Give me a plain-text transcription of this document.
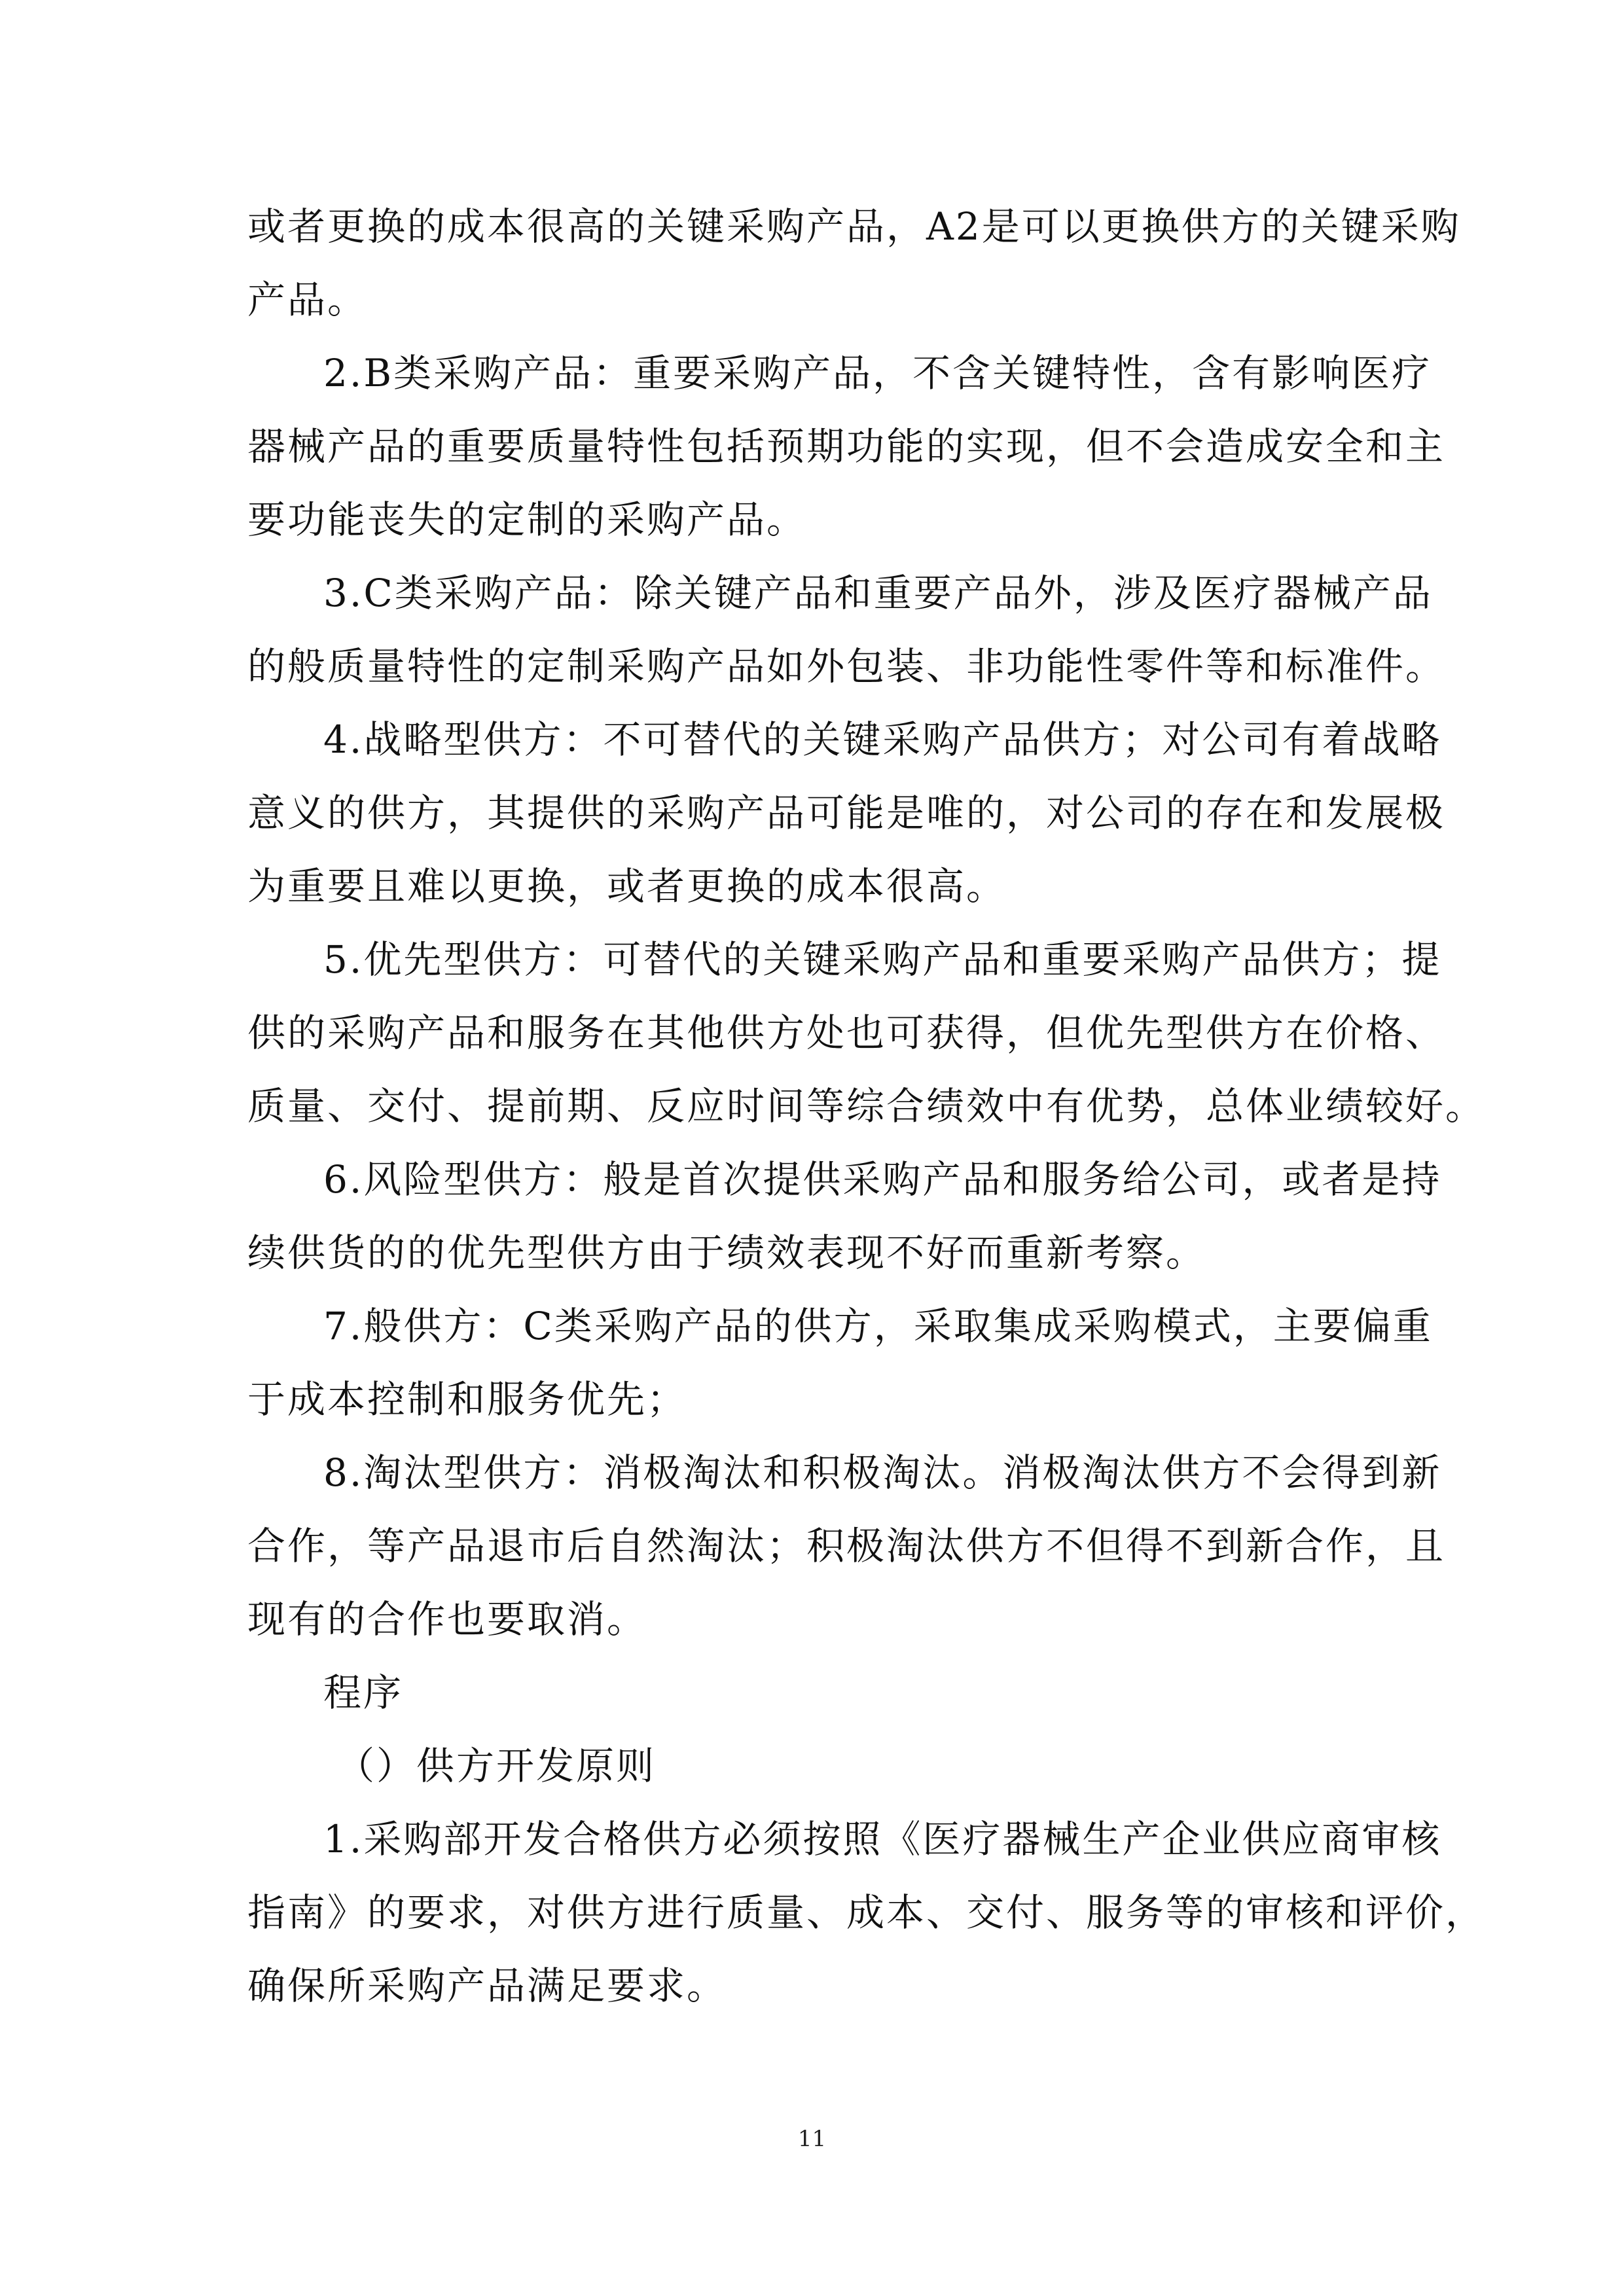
或者更换的成本很高的关键采购产品，A2是可以更换供方的关键采购
产品。
2.B类采购产品：重要采购产品，不含关键特性，含有影响医疗
器械产品的重要质量特性包括预期功能的实现，但不会造成安全和主
要功能丧失的定制的采购产品。
3.C类采购产品：除关键产品和重要产品外，涉及医疗器械产品
的般质量特性的定制采购产品如外包装、非功能性零件等和标准件。
4.战略型供方：不可替代的关键采购产品供方；对公司有着战略
意义的供方，其提供的采购产品可能是唯的，对公司的存在和发展极
为重要且难以更换，或者更换的成本很高。
5.优先型供方：可替代的关键采购产品和重要采购产品供方；提
供的采购产品和服务在其他供方处也可获得，但优先型供方在价格、
质量、交付、提前期、反应时间等综合绩效中有优势，总体业绩较好。
6.风险型供方：般是首次提供采购产品和服务给公司，或者是持
续供货的的优先型供方由于绩效表现不好而重新考察。
7.般供方：C类采购产品的供方，采取集成采购模式，主要偏重
于成本控制和服务优先；
8.淘汰型供方：消极淘汰和积极淘汰。消极淘汰供方不会得到新
合作，等产品退市后自然淘汰；积极淘汰供方不但得不到新合作，且
现有的合作也要取消。
程序
（）供方开发原则
1.采购部开发合格供方必须按照《医疗器械生产企业供应商审核
指南》的要求，对供方进行质量、成本、交付、服务等的审核和评价，
确保所采购产品满足要求。
11
